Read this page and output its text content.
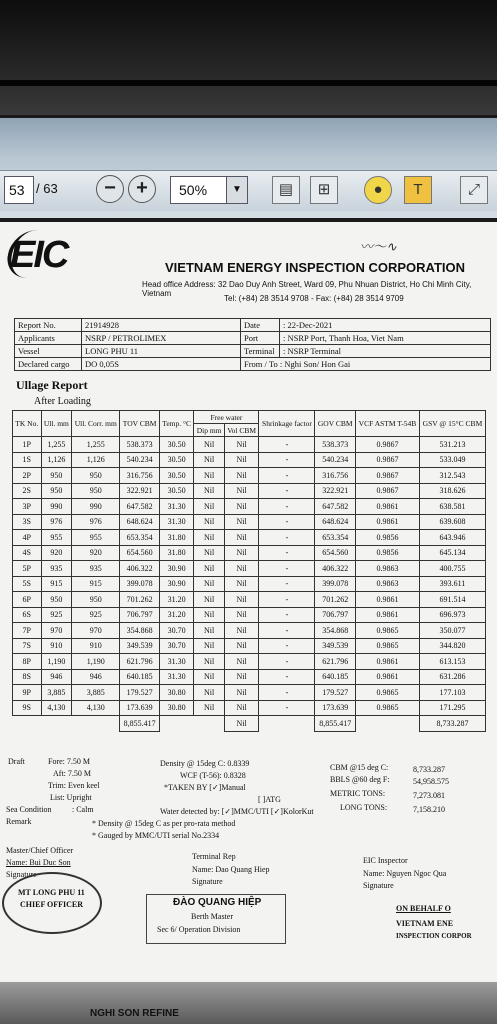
53 / 63	−	+	50%	▼	▤	⊞	●	T	⤢
EIC	〰〜∿
VIETNAM ENERGY INSPECTION CORPORATION
Head office Address: 32 Dao Duy Anh Street, Ward 09, Phu Nhuan District, Ho Chi Minh City, Vietnam
Tel: (+84) 28 3514 9708 - Fax: (+84) 28 3514 9709
Report No.	21914928	Date	: 22-Dec-2021
Applicants	NSRP / PETROLIMEX	Port	: NSRP Port, Thanh Hoa, Viet Nam
Vessel	LONG PHU 11	Terminal	: NSRP Terminal
Declared cargo	DO 0,05S	From / To : Nghi Son/ Hon Gai	
Ullage Report
After Loading
TK No.	Ull. mm	Ull. Corr. mm	TOV CBM	Temp. °C	Free water		Shrinkage factor	GOV CBM	VCF ASTM T-54B	GSV @ 15°C CBM
					Dip mm	Vol CBM				
1P	1,255	1,255	538.373	30.50	Nil	Nil	-	538.373	0.9867	531.213
1S	1,126	1,126	540.234	30.50	Nil	Nil	-	540.234	0.9867	533.049
2P	950	950	316.756	30.50	Nil	Nil	-	316.756	0.9867	312.543
2S	950	950	322.921	30.50	Nil	Nil	-	322.921	0.9867	318.626
3P	990	990	647.582	31.30	Nil	Nil	-	647.582	0.9861	638.581
3S	976	976	648.624	31.30	Nil	Nil	-	648.624	0.9861	639.608
4P	955	955	653.354	31.80	Nil	Nil	-	653.354	0.9856	643.946
4S	920	920	654.560	31.80	Nil	Nil	-	654.560	0.9856	645.134
5P	935	935	406.322	30.90	Nil	Nil	-	406.322	0.9863	400.755
5S	915	915	399.078	30.90	Nil	Nil	-	399.078	0.9863	393.611
6P	950	950	701.262	31.20	Nil	Nil	-	701.262	0.9861	691.514
6S	925	925	706.797	31.20	Nil	Nil	-	706.797	0.9861	696.973
7P	970	970	354.868	30.70	Nil	Nil	-	354.868	0.9865	350.077
7S	910	910	349.539	30.70	Nil	Nil	-	349.539	0.9865	344.820
8P	1,190	1,190	621.796	31.30	Nil	Nil	-	621.796	0.9861	613.153
8S	946	946	640.185	31.30	Nil	Nil	-	640.185	0.9861	631.286
9P	3,885	3,885	179.527	30.80	Nil	Nil	-	179.527	0.9865	177.103
9S	4,130	4,130	173.639	30.80	Nil	Nil	-	173.639	0.9865	171.295
			8,855.417			Nil		8,855.417		8,733.287
Draft	Fore: 7.50 M
Aft: 7.50 M
Trim: Even keel
List: Upright
Sea Condition	: Calm
Remark
Density @ 15deg C: 0.8339
WCF (T-56): 0.8328
*TAKEN BY [✓]Manual
[ ]ATG
Water detected by: [✓]MMC/UTI [✓]KolorKut
* Density @ 15deg C as per pro-rata method
* Gauged by MMC/UTI serial No.2334
CBM @15 deg C:	8,733.287
BBLS @60 deg F:	54,958.575
METRIC TONS:	7,273.081
LONG TONS:	7,158.210
Master/Chief Officer
Name: Bui Duc Son
Signature
Terminal Rep
Name: Dao Quang Hiep
Signature
EIC Inspector
Name: Nguyen Ngoc Qua
Signature
MT LONG PHU 11
CHIEF OFFICER	ĐÀO QUANG HIỆP
Berth Master
Sec 6/ Operation Division
ON BEHALF O
VIETNAM ENE
INSPECTION CORPOR
NGHI SON REFINE
